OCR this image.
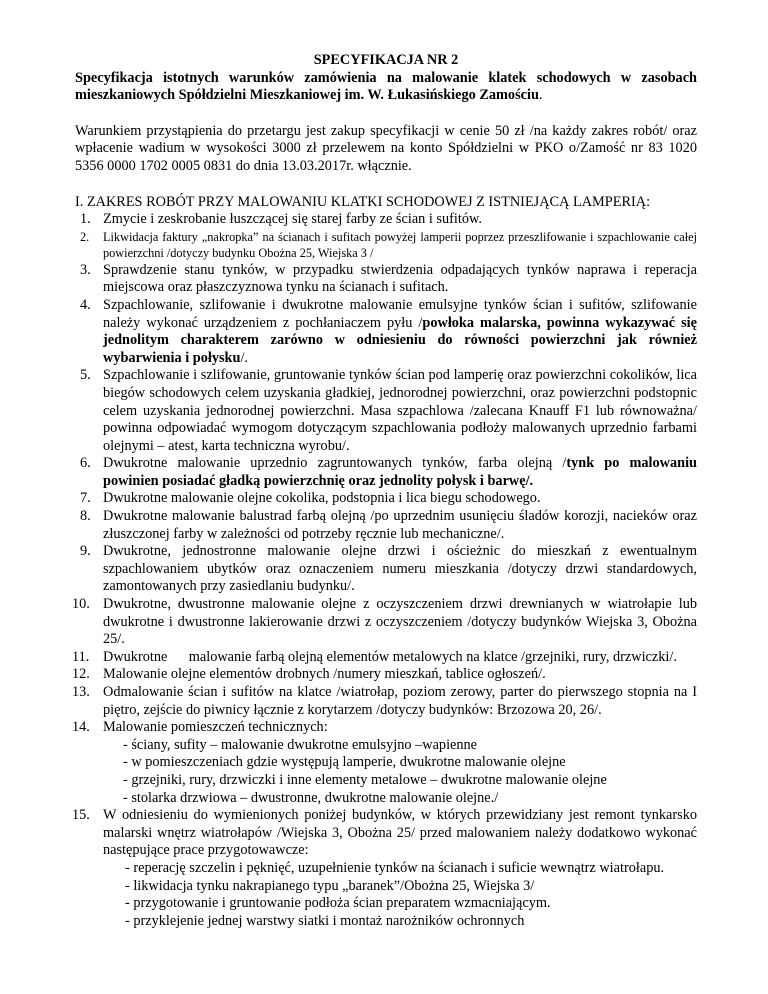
SPECYFIKACJA NR 2

Specyfikacja istotnych warunków zamówienia na malowanie klatek schodowych w zasobach mieszkaniowych Spółdzielni Mieszkaniowej im. W. Łukasińskiego Zamościu.

Warunkiem przystąpienia do przetargu jest zakup specyfikacji w cenie 50 zł /na każdy zakres robót/ oraz wpłacenie wadium w wysokości 3000 zł przelewem na konto Spółdzielni w PKO o/Zamość nr 83 1020 5356 0000 1702 0005 0831 do dnia 13.03.2017r. włącznie.

I. ZAKRES ROBÓT PRZY MALOWANIU KLATKI SCHODOWEJ Z ISTNIEJĄCĄ LAMPERIĄ:

1. Zmycie i zeskrobanie łuszczącej się starej farby ze ścian i sufitów.
2. Likwidacja faktury „nakropka” na ścianach i sufitach powyżej lamperii poprzez przeszlifowanie i szpachlowanie całej powierzchni /dotyczy budynku Obożna 25, Wiejska 3 /
3. Sprawdzenie stanu tynków, w przypadku stwierdzenia odpadających tynków naprawa i reperacja miejscowa oraz płaszczyznowa tynku na ścianach i sufitach.
4. Szpachlowanie, szlifowanie i dwukrotne malowanie emulsyjne tynków ścian i sufitów, szlifowanie należy wykonać urządzeniem z pochłaniaczem pyłu /powłoka malarska, powinna wykazywać się jednolitym charakterem zarówno w odniesieniu do równości powierzchni jak również wybarwienia i połysku/.
5. Szpachlowanie i szlifowanie, gruntowanie tynków ścian pod lamperię oraz powierzchni cokolików, lica biegów schodowych celem uzyskania gładkiej, jednorodnej powierzchni, oraz powierzchni podstopnic celem uzyskania jednorodnej powierzchni. Masa szpachlowa /zalecana Knauff F1 lub równoważna/ powinna odpowiadać wymogom dotyczącym szpachlowania podłoży malowanych uprzednio farbami olejnymi – atest, karta techniczna wyrobu/.
6. Dwukrotne malowanie uprzednio zagruntowanych tynków, farba olejną /tynk po malowaniu powinien posiadać gładką powierzchnię oraz jednolity połysk i barwę/.
7. Dwukrotne malowanie olejne cokolika, podstopnia i lica biegu schodowego.
8. Dwukrotne malowanie balustrad farbą olejną /po uprzednim usunięciu śladów korozji, nacieków oraz złuszczonej farby w zależności od potrzeby ręcznie lub mechaniczne/.
9. Dwukrotne, jednostronne malowanie olejne drzwi i ościeżnic do mieszkań z ewentualnym szpachlowaniem ubytków oraz oznaczeniem numeru mieszkania /dotyczy drzwi standardowych, zamontowanych przy zasiedlaniu budynku/.
10. Dwukrotne, dwustronne malowanie olejne z oczyszczeniem drzwi drewnianych w wiatrołapie lub dwukrotne i dwustronne lakierowanie drzwi z oczyszczeniem /dotyczy budynków Wiejska 3, Obożna 25/.
11. Dwukrotne      malowanie farbą olejną elementów metalowych na klatce /grzejniki, rury, drzwiczki/.
12. Malowanie olejne elementów drobnych /numery mieszkań, tablice ogłoszeń/.
13. Odmalowanie ścian i sufitów na klatce /wiatrołap, poziom zerowy, parter do pierwszego stopnia na I piętro, zejście do piwnicy łącznie z korytarzem /dotyczy budynków: Brzozowa 20, 26/.
14. Malowanie pomieszczeń technicznych:
- ściany, sufity – malowanie dwukrotne emulsyjno –wapienne
- w pomieszczeniach gdzie występują lamperie, dwukrotne malowanie olejne
- grzejniki, rury, drzwiczki i inne elementy metalowe – dwukrotne malowanie olejne
- stolarka drzwiowa – dwustronne, dwukrotne malowanie olejne./
15. W odniesieniu do wymienionych poniżej budynków, w których przewidziany jest remont tynkarsko malarski wnętrz wiatrołapów /Wiejska 3, Obożna 25/ przed malowaniem należy dodatkowo wykonać następujące prace przygotowawcze:
- reperację szczelin i pęknięć, uzupełnienie tynków na ścianach i suficie wewnątrz wiatrołapu.
- likwidacja tynku nakrapianego typu „baranek”/Obożna 25, Wiejska 3/
- przygotowanie i gruntowanie podłoża ścian preparatem wzmacniającym.
- przyklejenie jednej warstwy siatki i montaż narożników ochronnych
